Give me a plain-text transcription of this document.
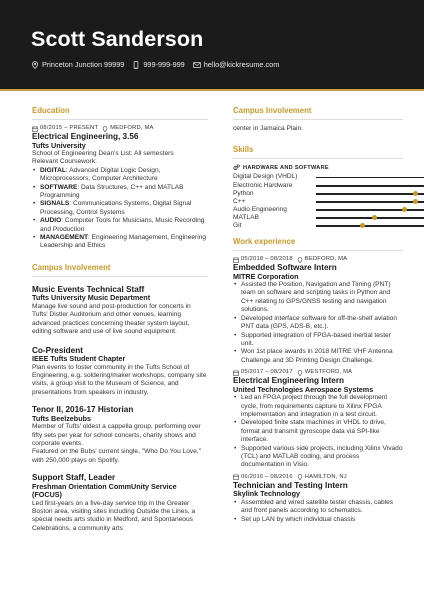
Scott Sanderson
Princeton Junction 99999	999-999-999	hello@kickresume.com
Education
08/2015 – PRESENT MEDFORD, MA
Electrical Engineering, 3.56
Tufts University
School of Engineering Dean's List: All semesters
Relevant Coursework:
• DIGITAL: Advanced Digital Logic Design, Microprocessors, Computer Architecture
• SOFTWARE: Data Structures, C++ and MATLAB Programming
• SIGNALS: Communications Systems, Digital Signal Processing, Control Systems
• AUDIO: Computer Tools for Musicians, Music Recording and Production
• MANAGEMENT: Engineering Management, Engineering Leadership and Ethics
Campus Involvement
Music Events Technical Staff
Tufts University Music Department
Manage live sound and post-production for concerts in Tufts' Distler Auditorium and other venues, learning advanced practices concerning theater system layout,
editing software and use of live sound equipment.
Co-President
IEEE Tufts Student Chapter
Plan events to foster community in the Tufts School of Engineering, e.g. soldering/maker workshops, company site visits, a group visit to the Museum of Science, and presentations from speakers in industry.
Tenor II, 2016-17 Historian
Tufts Beelzebubs
Member of Tufts' oldest a cappella group, performing over fifty sets per year for school concerts, charity shows and corporate events.
Featured on the Bubs' current single, "Who Do You Love," with 250,000 plays on Spotify.
Support Staff, Leader
Freshman Orientation CommUnity Service (FOCUS)
Led first-years on a five-day service trip in the Greater Boston area, visiting sites including Outside the Lines, a special needs arts studio in Medford, and Spontaneous Celebrations, a community arts
Campus Involvement
center in Jamaica Plain.
Skills
HARDWARE AND SOFTWARE
Digital Design (VHDL)
Electronic Hardware
Python
C++
Audio Engineering
MATLAB
Git
Work experience
05/2018 – 08/2018 BEDFORD, MA
Embedded Software Intern
MITRE Corporation
• Assisted the Position, Navigation and Timing (PNT) team on software and scripting tasks in Python and C++ relating to GPS/GNSS testing and navigation solutions.
• Developed interface software for off-the-shelf aviation PNT data (GPS, ADS-B, etc.).
• Supported integration of FPGA-based inertial tester unit.
• Won 1st place awards in 2018 MITRE VHF Antenna Challenge and 3D Printing Design Challenge.
05/2017 – 08/2017 WESTFORD, MA
Electrical Engineering Intern
United Technologies Aerospace Systems
• Led an FPGA project through the full development cycle, from requirements capture to Xilinx FPGA implementation and integration in a test circuit.
• Developed finite state machines in VHDL to drive, format and transmit gyroscope data via SPI-like interface.
• Supported various side projects, including Xilinx Vivado (TCL) and MATLAB coding, and process documentation in Visio.
06/2016 – 08/2016 HAMILTON, NJ
Technician and Testing Intern
Skylink Technology
• Assembled and wired satellite tester chassis, cables and front panels according to schematics.
• Set up LAN by which individual chassis
